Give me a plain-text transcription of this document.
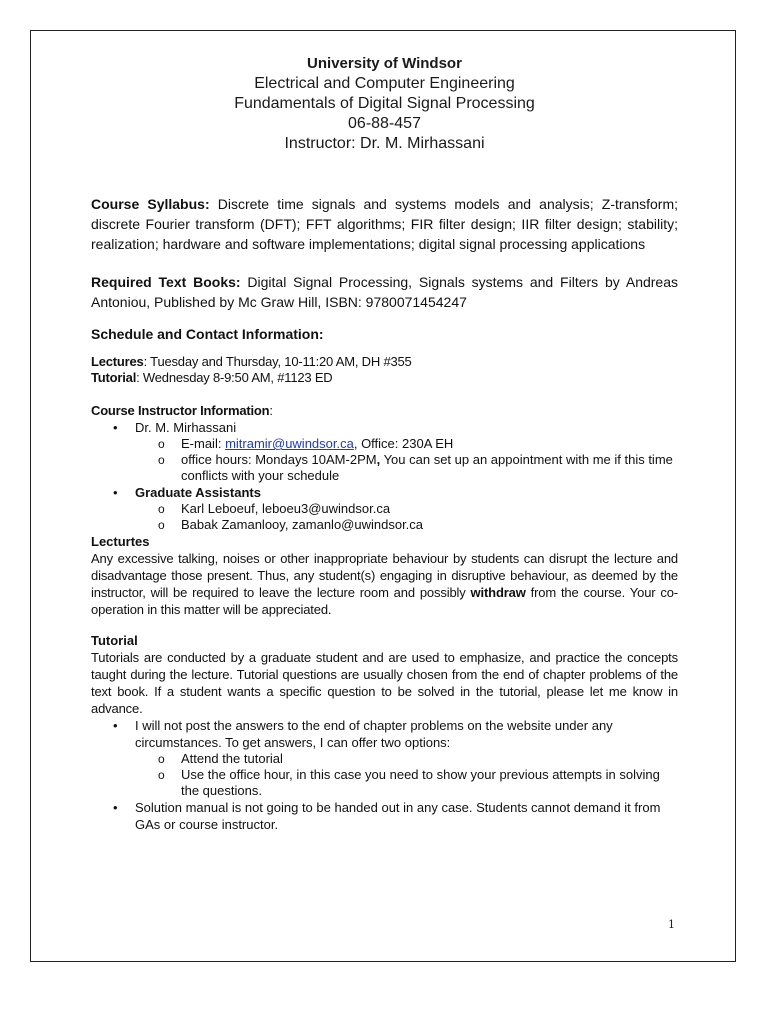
University of Windsor
Electrical and Computer Engineering
Fundamentals of Digital Signal Processing
06-88-457
Instructor: Dr. M. Mirhassani
Course Syllabus: Discrete time signals and systems models and analysis; Z-transform; discrete Fourier transform (DFT); FFT algorithms; FIR filter design; IIR filter design; stability; realization; hardware and software implementations; digital signal processing applications
Required Text Books: Digital Signal Processing, Signals systems and Filters by Andreas Antoniou, Published by Mc Graw Hill, ISBN: 9780071454247
Schedule and Contact Information:
Lectures: Tuesday and Thursday, 10-11:20 AM, DH #355
Tutorial: Wednesday 8-9:50 AM, #1123 ED
Course Instructor Information:
• Dr. M. Mirhassani
o E-mail: mitramir@uwindsor.ca, Office: 230A EH
o office hours: Mondays 10AM-2PM, You can set up an appointment with me if this time conflicts with your schedule
• Graduate Assistants
o Karl Leboeuf, leboeu3@uwindsor.ca
o Babak Zamanlooy, zamanlo@uwindsor.ca
Lecturtes
Any excessive talking, noises or other inappropriate behaviour by students can disrupt the lecture and disadvantage those present. Thus, any student(s) engaging in disruptive behaviour, as deemed by the instructor, will be required to leave the lecture room and possibly withdraw from the course. Your co-operation in this matter will be appreciated.
Tutorial
Tutorials are conducted by a graduate student and are used to emphasize, and practice the concepts taught during the lecture. Tutorial questions are usually chosen from the end of chapter problems of the text book. If a student wants a specific question to be solved in the tutorial, please let me know in advance.
• I will not post the answers to the end of chapter problems on the website under any circumstances. To get answers, I can offer two options:
o Attend the tutorial
o Use the office hour, in this case you need to show your previous attempts in solving the questions.
• Solution manual is not going to be handed out in any case. Students cannot demand it from GAs or course instructor.
1
